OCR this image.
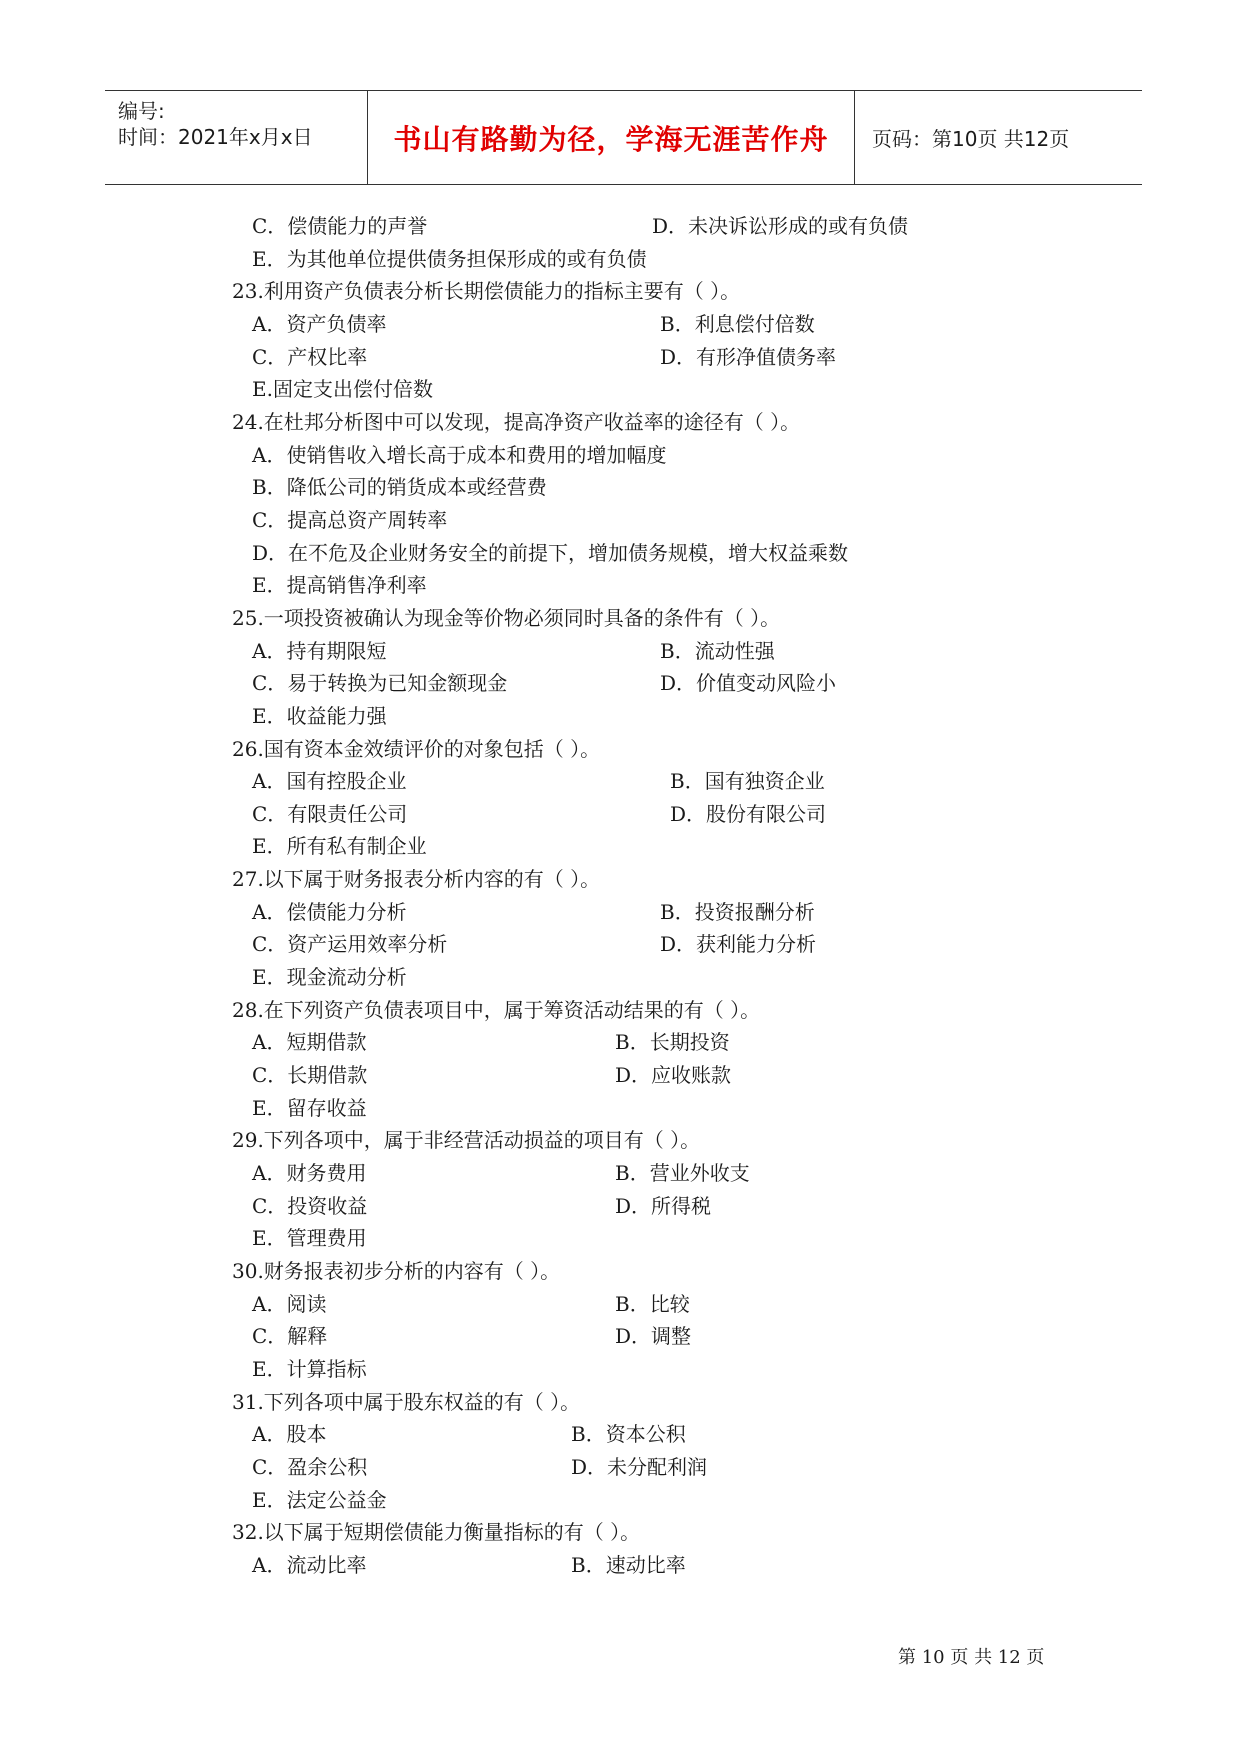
编号:
时间：2021年x月x日	书山有路勤为径，学海无涯苦作舟 页码：第10页 共12页
C．偿债能力的声誉	D．未决诉讼形成的或有负债
E．为其他单位提供债务担保形成的或有负债
23.利用资产负债表分析长期偿债能力的指标主要有（ ）。
A．资产负债率	B．利息偿付倍数
C．产权比率	D．有形净值债务率
E.固定支出偿付倍数
24.在杜邦分析图中可以发现，提高净资产收益率的途径有（ ）。
A．使销售收入增长高于成本和费用的增加幅度
B．降低公司的销货成本或经营费
C．提高总资产周转率
D．在不危及企业财务安全的前提下，增加债务规模，增大权益乘数
E．提高销售净利率
25.一项投资被确认为现金等价物必须同时具备的条件有（ ）。
A．持有期限短	B．流动性强
C．易于转换为已知金额现金	D．价值变动风险小
E．收益能力强
26.国有资本金效绩评价的对象包括（ ）。
A．国有控股企业	B．国有独资企业
C．有限责任公司	D．股份有限公司
E．所有私有制企业
27.以下属于财务报表分析内容的有（ ）。
A．偿债能力分析	B．投资报酬分析
C．资产运用效率分析	D．获利能力分析
E．现金流动分析
28.在下列资产负债表项目中，属于筹资活动结果的有（ ）。
A．短期借款	B．长期投资
C．长期借款	D．应收账款
E．留存收益
29.下列各项中，属于非经营活动损益的项目有（ ）。
A．财务费用	B．营业外收支
C．投资收益	D．所得税
E．管理费用
30.财务报表初步分析的内容有（ ）。
A．阅读	B．比较
C．解释	D．调整
E．计算指标
31.下列各项中属于股东权益的有（ ）。
A．股本	B．资本公积
C．盈余公积	D．未分配利润
E．法定公益金
32.以下属于短期偿债能力衡量指标的有（ ）。
A．流动比率	B．速动比率
第 10 页 共 12 页
